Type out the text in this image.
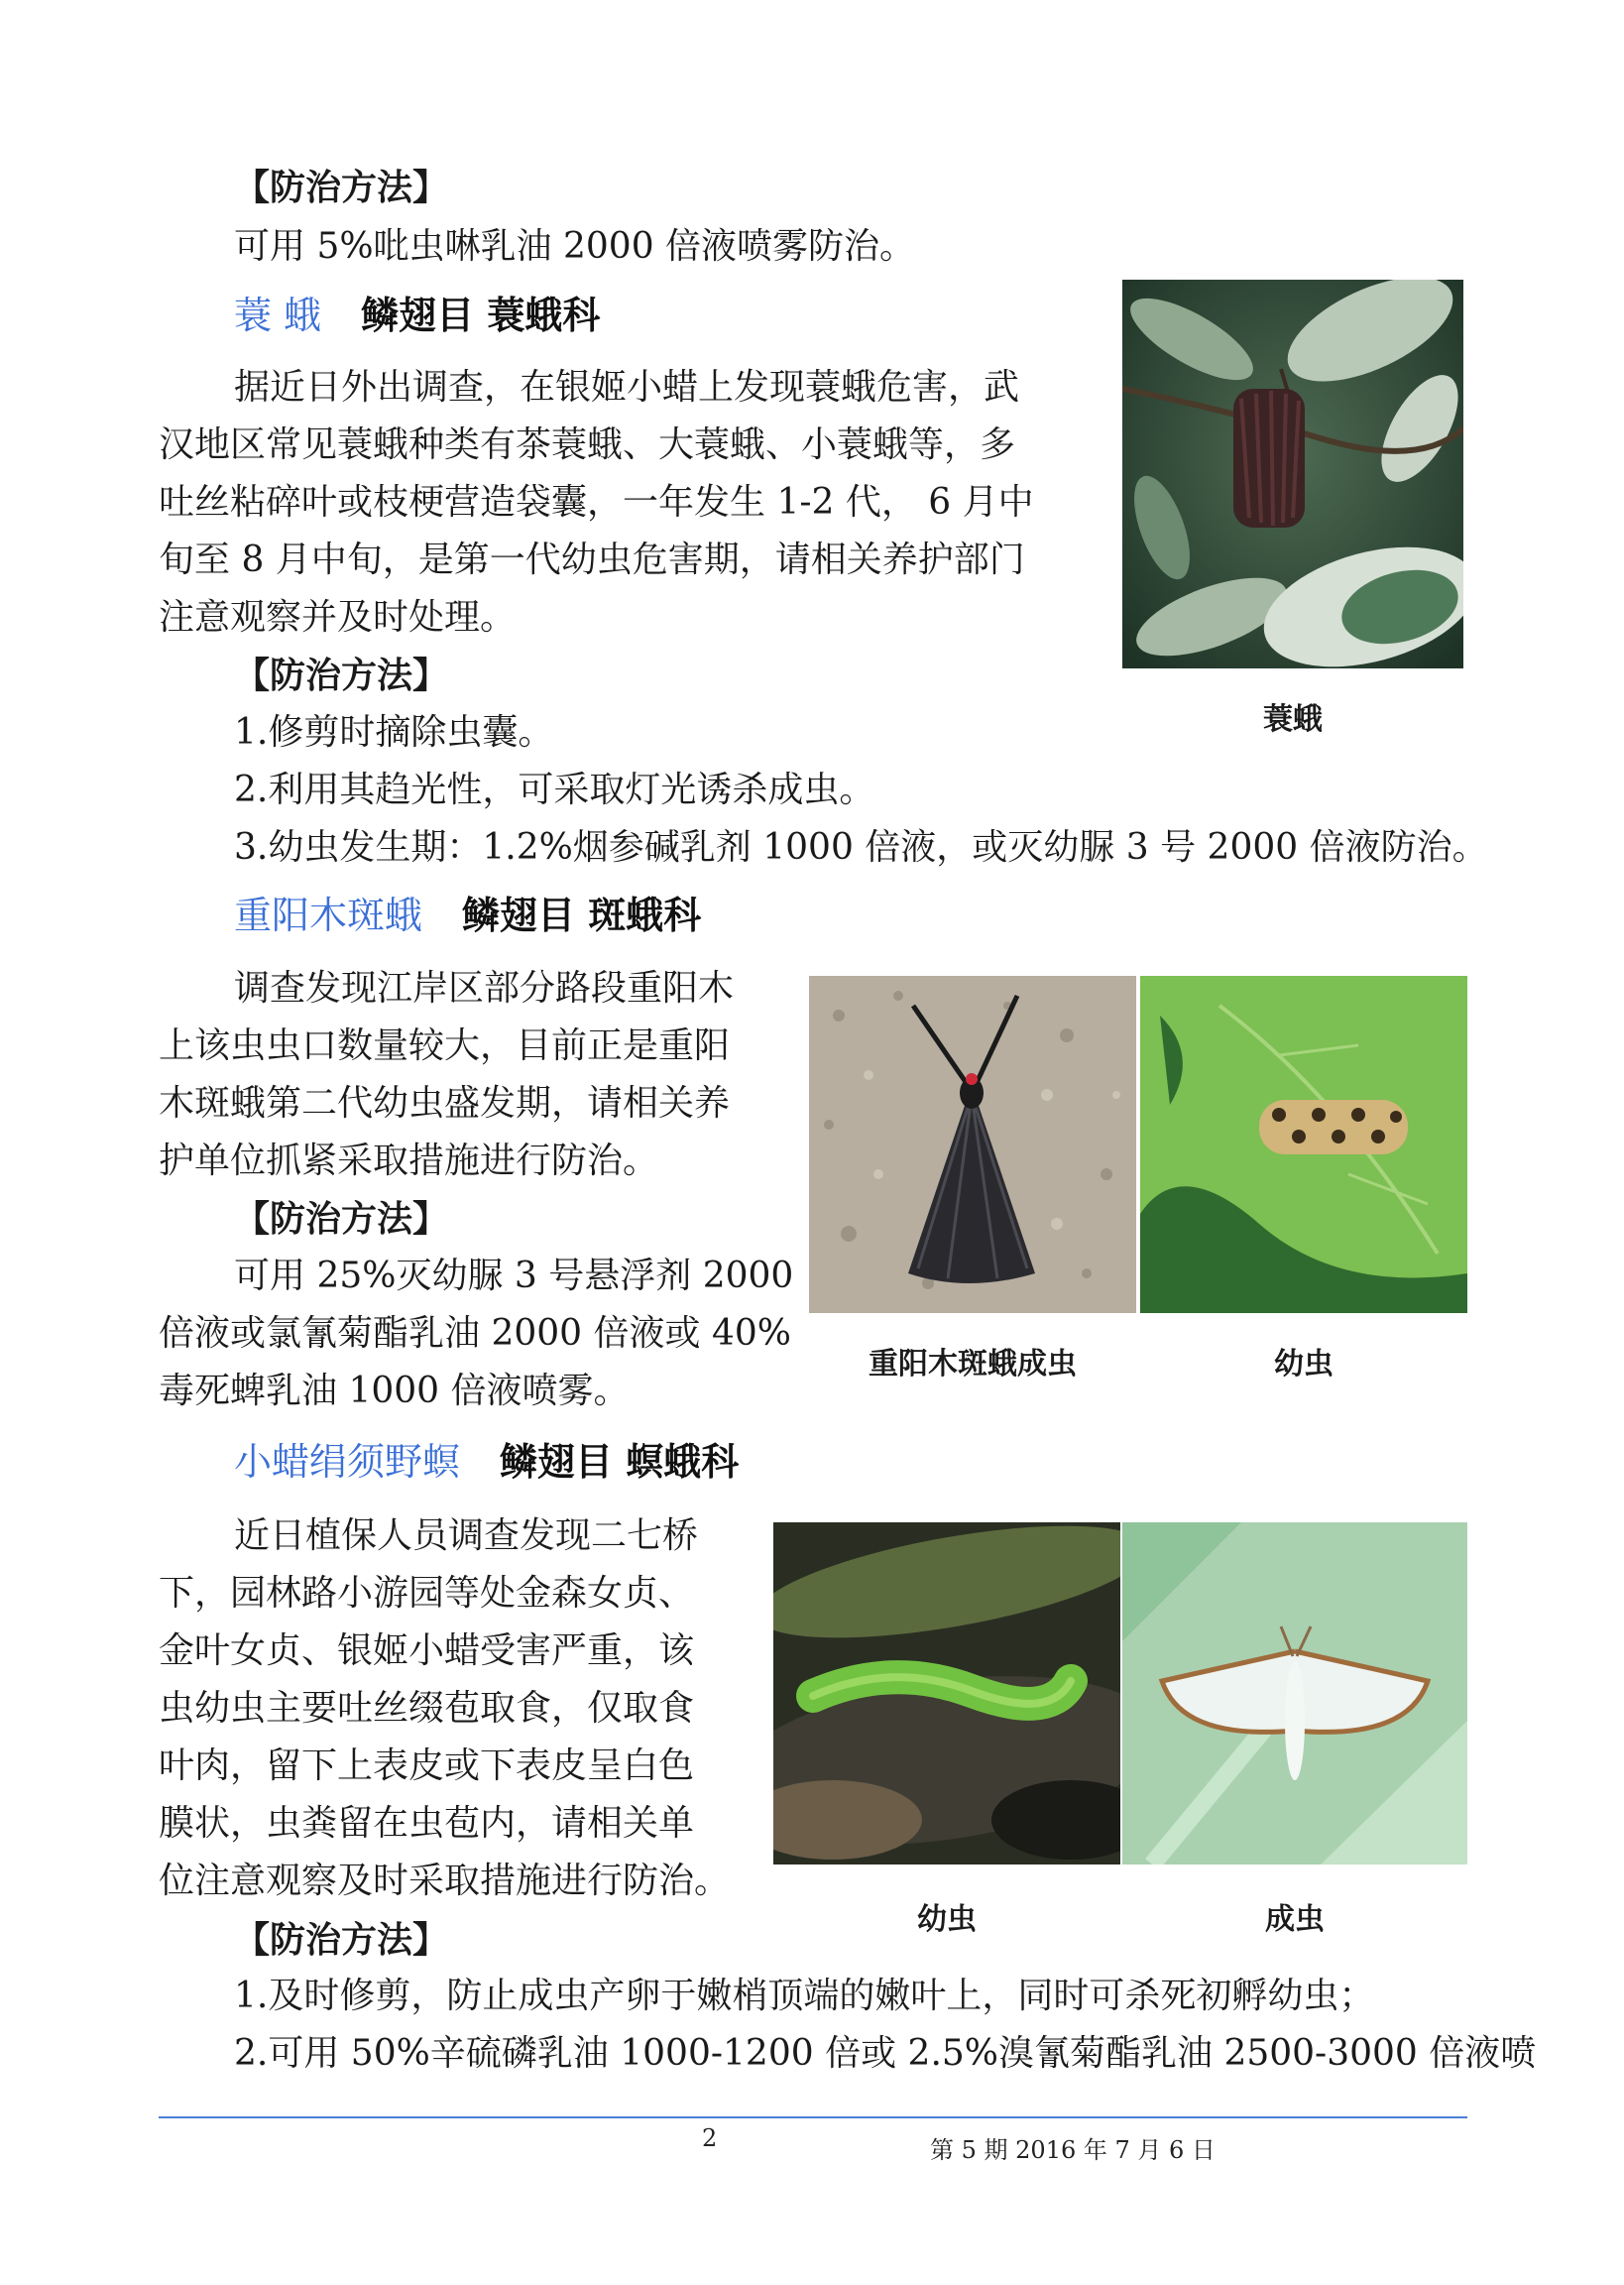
【防治方法】
可用 5%吡虫啉乳油 2000 倍液喷雾防治。
蓑 蛾 鳞翅目 蓑蛾科
据近日外出调查，在银姬小蜡上发现蓑蛾危害，武
汉地区常见蓑蛾种类有茶蓑蛾、大蓑蛾、小蓑蛾等，多
吐丝粘碎叶或枝梗营造袋囊，一年发生 1-2 代， 6 月中
旬至 8 月中旬，是第一代幼虫危害期，请相关养护部门
注意观察并及时处理。
【防治方法】
1.修剪时摘除虫囊。
2.利用其趋光性，可采取灯光诱杀成虫。
3.幼虫发生期：1.2%烟参碱乳剂 1000 倍液，或灭幼脲 3 号 2000 倍液防治。
蓑蛾
重阳木斑蛾 鳞翅目 斑蛾科
调查发现江岸区部分路段重阳木
上该虫虫口数量较大，目前正是重阳
木斑蛾第二代幼虫盛发期，请相关养
护单位抓紧采取措施进行防治。
【防治方法】
可用 25%灭幼脲 3 号悬浮剂 2000
倍液或氯氰菊酯乳油 2000 倍液或 40%
毒死蜱乳油 1000 倍液喷雾。
重阳木斑蛾成虫	幼虫
小蜡绢须野螟 鳞翅目 螟蛾科
近日植保人员调查发现二七桥
下，园林路小游园等处金森女贞、
金叶女贞、银姬小蜡受害严重，该
虫幼虫主要吐丝缀苞取食，仅取食
叶肉，留下上表皮或下表皮呈白色
膜状，虫粪留在虫苞内，请相关单
位注意观察及时采取措施进行防治。
【防治方法】
1.及时修剪，防止成虫产卵于嫩梢顶端的嫩叶上，同时可杀死初孵幼虫；
2.可用 50%辛硫磷乳油 1000-1200 倍或 2.5%溴氰菊酯乳油 2500-3000 倍液喷
幼虫	成虫
2	第 5 期 2016 年 7 月 6 日
